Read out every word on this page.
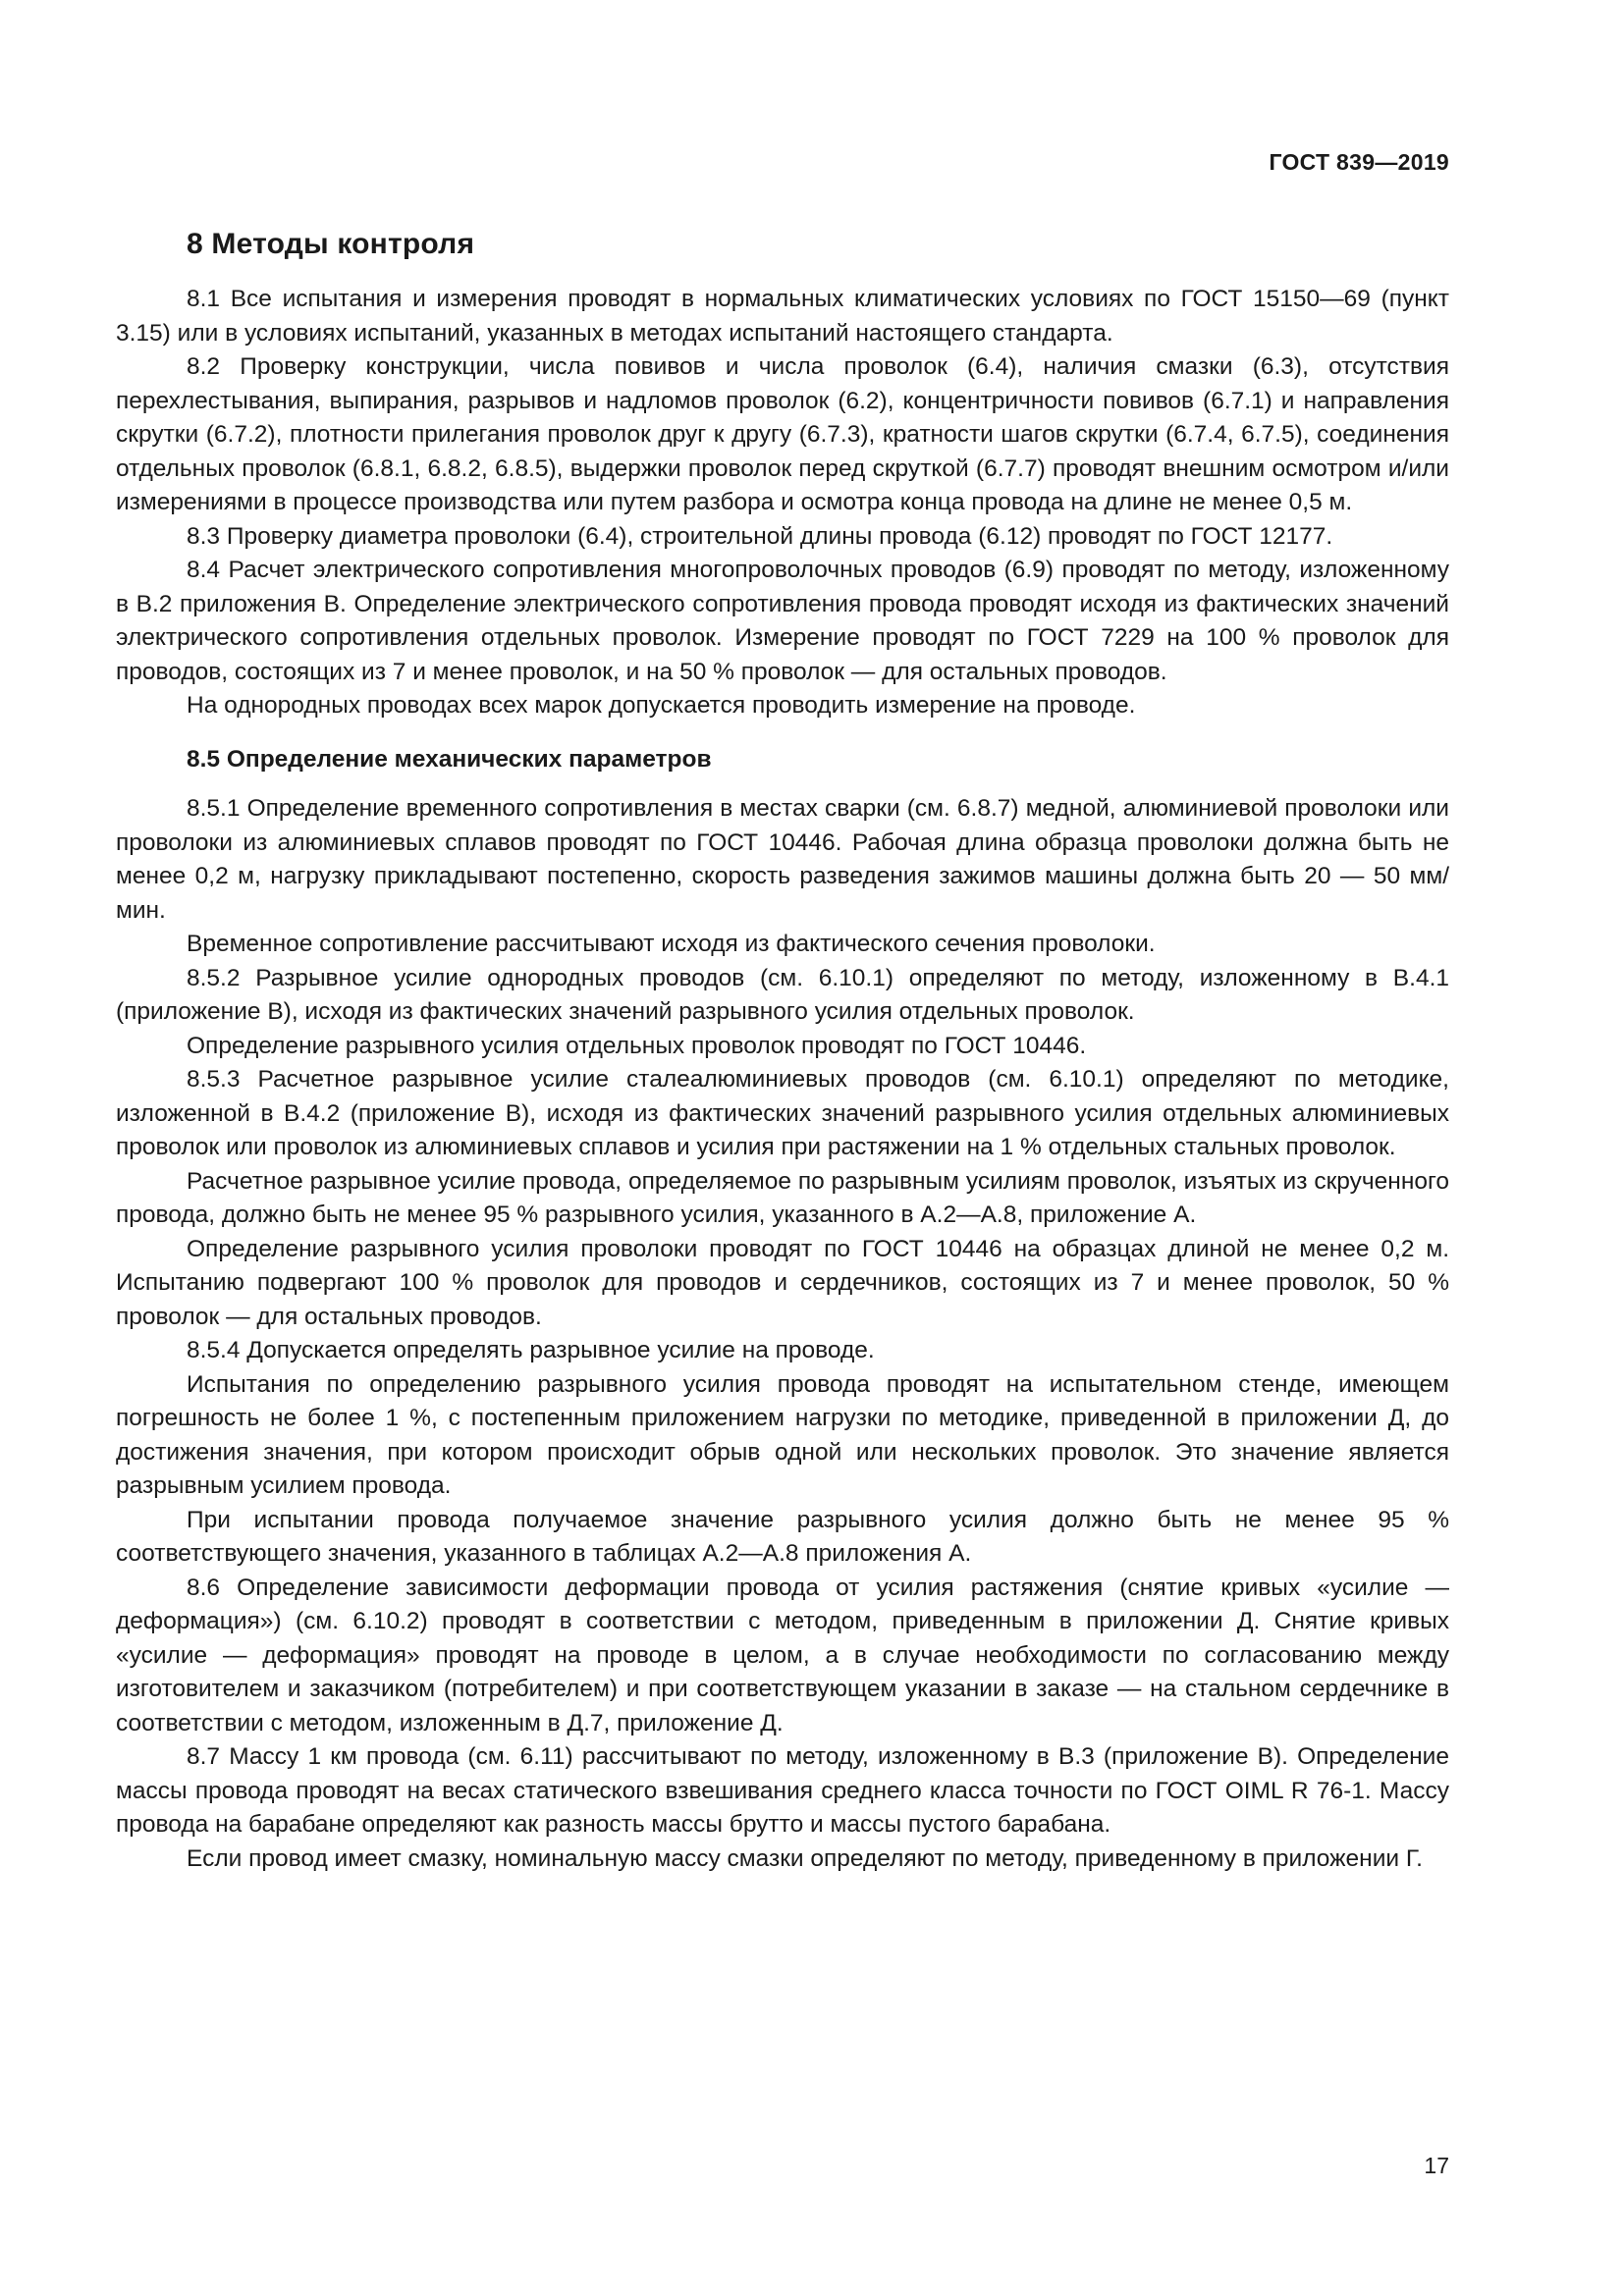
ГОСТ 839—2019
8 Методы контроля

8.1 Все испытания и измерения проводят в нормальных климатических условиях по ГОСТ 15150—69 (пункт 3.15) или в условиях испытаний, указанных в методах испытаний настоящего стандарта.

8.2 Проверку конструкции, числа повивов и числа проволок (6.4), наличия смазки (6.3), отсутствия перехлестывания, выпирания, разрывов и надломов проволок (6.2), концентричности повивов (6.7.1) и направления скрутки (6.7.2), плотности прилегания проволок друг к другу (6.7.3), кратности шагов скрутки (6.7.4, 6.7.5), соединения отдельных проволок (6.8.1, 6.8.2, 6.8.5), выдержки проволок перед скруткой (6.7.7) проводят внешним осмотром и/или измерениями в процессе производства или путем разбора и осмотра конца провода на длине не менее 0,5 м.

8.3 Проверку диаметра проволоки (6.4), строительной длины провода (6.12) проводят по ГОСТ 12177.

8.4 Расчет электрического сопротивления многопроволочных проводов (6.9) проводят по методу, изложенному в В.2 приложения В. Определение электрического сопротивления провода проводят исходя из фактических значений электрического сопротивления отдельных проволок. Измерение проводят по ГОСТ 7229 на 100 % проволок для проводов, состоящих из 7 и менее проволок, и на 50 % проволок — для остальных проводов.

На однородных проводах всех марок допускается проводить измерение на проводе.

8.5 Определение механических параметров

8.5.1 Определение временного сопротивления в местах сварки (см. 6.8.7) медной, алюминиевой проволоки или проволоки из алюминиевых сплавов проводят по ГОСТ 10446. Рабочая длина образца проволоки должна быть не менее 0,2 м, нагрузку прикладывают постепенно, скорость разведения зажимов машины должна быть 20 — 50 мм/мин.

Временное сопротивление рассчитывают исходя из фактического сечения проволоки.

8.5.2 Разрывное усилие однородных проводов (см. 6.10.1) определяют по методу, изложенному в В.4.1 (приложение В), исходя из фактических значений разрывного усилия отдельных проволок.

Определение разрывного усилия отдельных проволок проводят по ГОСТ 10446.

8.5.3 Расчетное разрывное усилие сталеалюминиевых проводов (см. 6.10.1) определяют по методике, изложенной в В.4.2 (приложение В), исходя из фактических значений разрывного усилия отдельных алюминиевых проволок или проволок из алюминиевых сплавов и усилия при растяжении на 1 % отдельных стальных проволок.

Расчетное разрывное усилие провода, определяемое по разрывным усилиям проволок, изъятых из скрученного провода, должно быть не менее 95 % разрывного усилия, указанного в А.2—А.8, приложение А.

Определение разрывного усилия проволоки проводят по ГОСТ 10446 на образцах длиной не менее 0,2 м. Испытанию подвергают 100 % проволок для проводов и сердечников, состоящих из 7 и менее проволок, 50 % проволок — для остальных проводов.

8.5.4 Допускается определять разрывное усилие на проводе.

Испытания по определению разрывного усилия провода проводят на испытательном стенде, имеющем погрешность не более 1 %, с постепенным приложением нагрузки по методике, приведенной в приложении Д, до достижения значения, при котором происходит обрыв одной или нескольких проволок. Это значение является разрывным усилием провода.

При испытании провода получаемое значение разрывного усилия должно быть не менее 95 % соответствующего значения, указанного в таблицах А.2—А.8 приложения А.

8.6 Определение зависимости деформации провода от усилия растяжения (снятие кривых «усилие — деформация») (см. 6.10.2) проводят в соответствии с методом, приведенным в приложении Д. Снятие кривых «усилие — деформация» проводят на проводе в целом, а в случае необходимости по согласованию между изготовителем и заказчиком (потребителем) и при соответствующем указании в заказе — на стальном сердечнике в соответствии с методом, изложенным в Д.7, приложение Д.

8.7 Массу 1 км провода (см. 6.11) рассчитывают по методу, изложенному в В.3 (приложение В). Определение массы провода проводят на весах статического взвешивания среднего класса точности по ГОСТ OIML R 76-1. Массу провода на барабане определяют как разность массы брутто и массы пустого барабана.

Если провод имеет смазку, номинальную массу смазки определяют по методу, приведенному в приложении Г.

17
